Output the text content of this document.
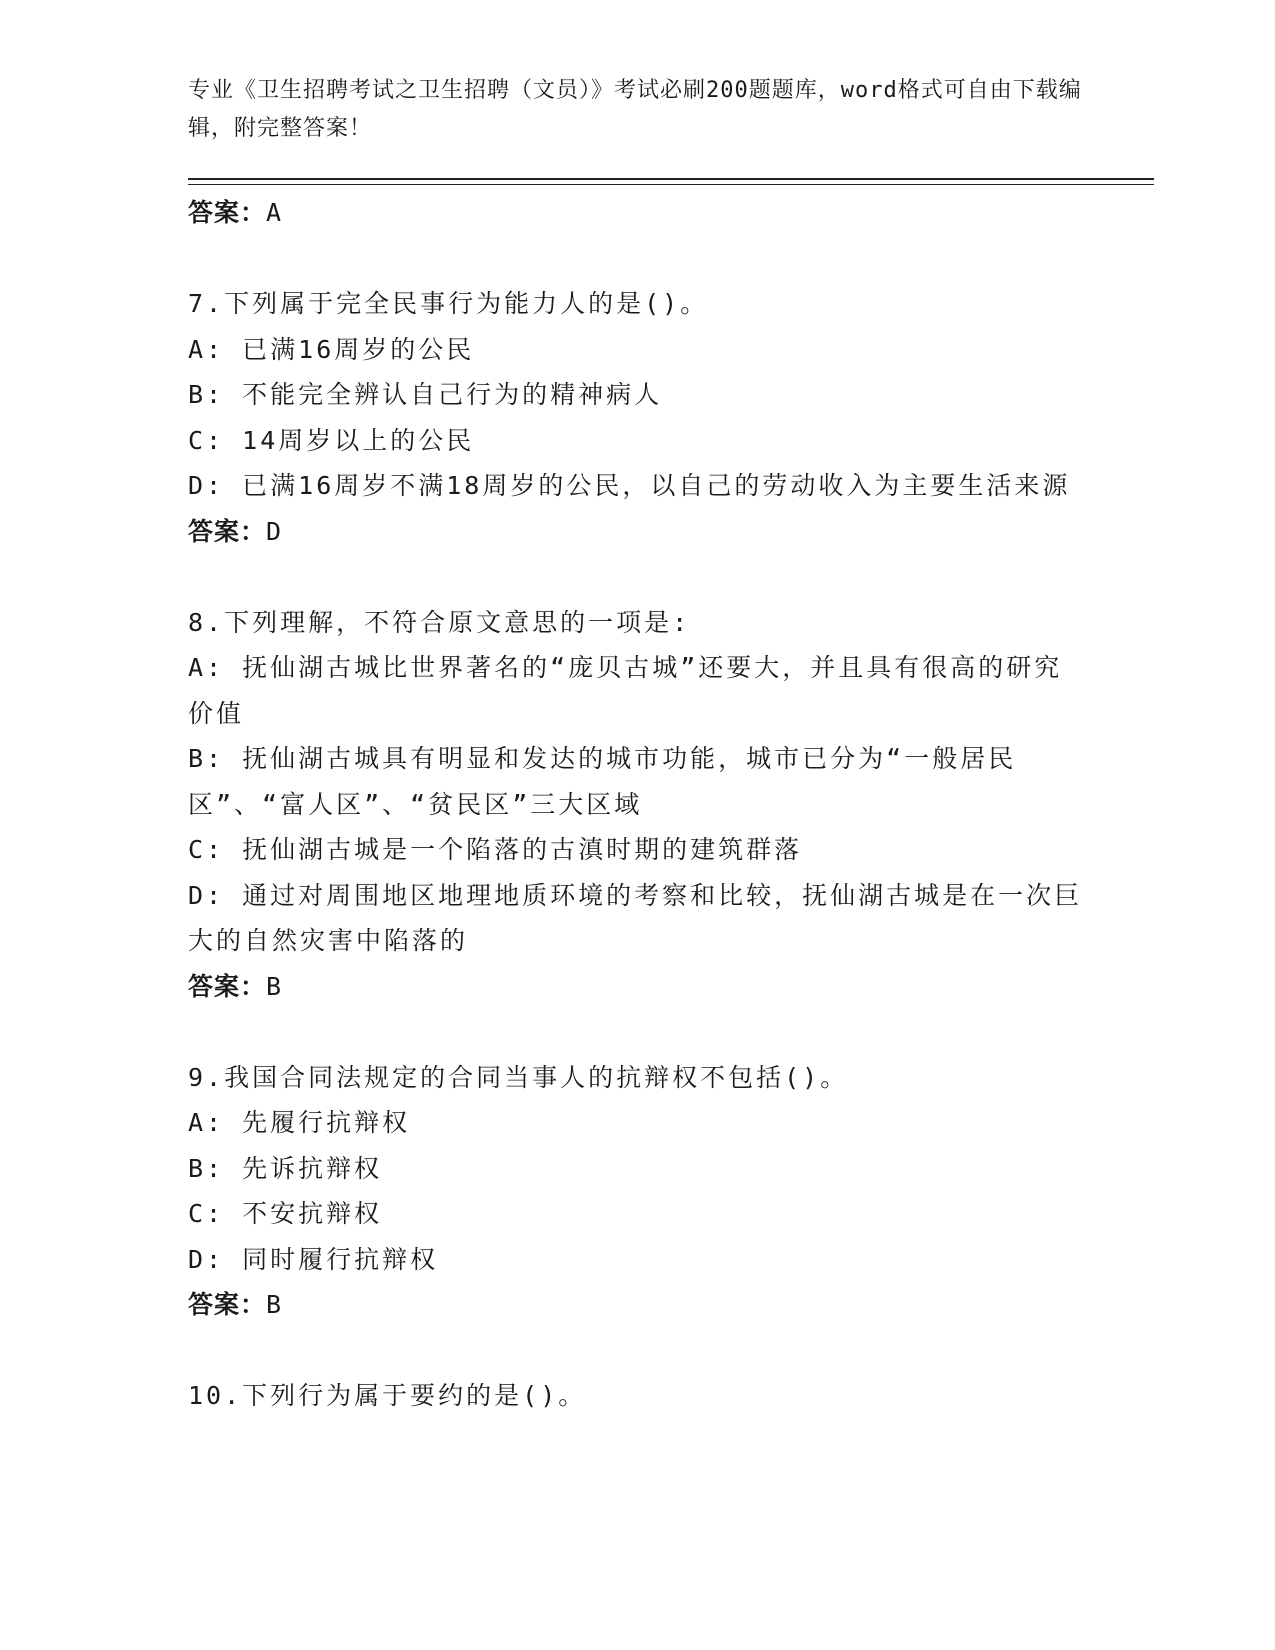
专业《卫生招聘考试之卫生招聘（文员）》考试必刷200题题库，word格式可自由下载编辑，附完整答案！
答案：A
7.下列属于完全民事行为能力人的是()。
A: 已满16周岁的公民
B: 不能完全辨认自己行为的精神病人
C: 14周岁以上的公民
D: 已满16周岁不满18周岁的公民，以自己的劳动收入为主要生活来源
答案：D
8.下列理解，不符合原文意思的一项是:
A: 抚仙湖古城比世界著名的“庞贝古城”还要大，并且具有很高的研究价值
B: 抚仙湖古城具有明显和发达的城市功能，城市已分为“一般居民区”、“富人区”、“贫民区”三大区域
C: 抚仙湖古城是一个陷落的古滇时期的建筑群落
D: 通过对周围地区地理地质环境的考察和比较，抚仙湖古城是在一次巨大的自然灾害中陷落的
答案：B
9.我国合同法规定的合同当事人的抗辩权不包括()。
A: 先履行抗辩权
B: 先诉抗辩权
C: 不安抗辩权
D: 同时履行抗辩权
答案：B
10.下列行为属于要约的是()。
